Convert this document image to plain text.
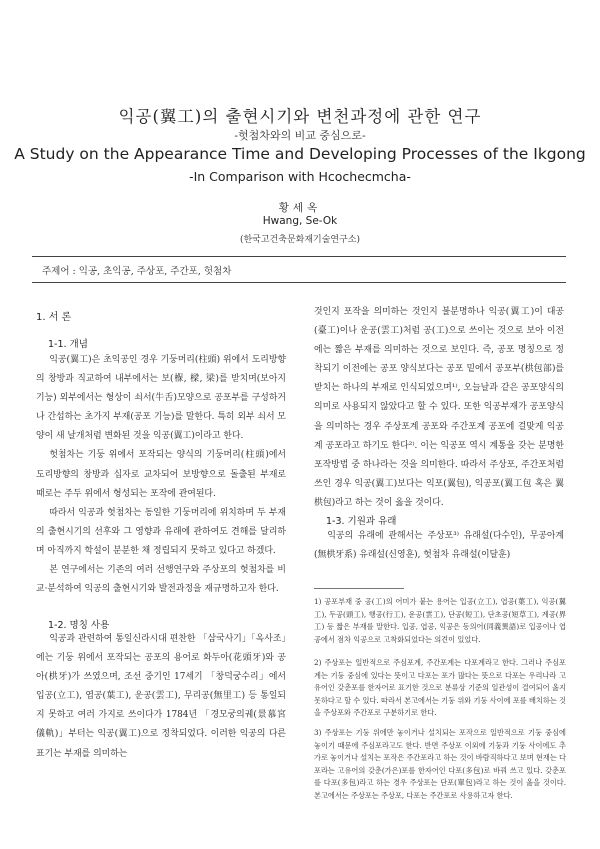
익공(翼工)의 출현시기와 변천과정에 관한 연구
-헛첨차와의 비교 중심으로-
A Study on the Appearance Time and Developing Processes of the Ikgong
-In Comparison with Hcochecmcha-
황세옥
Hwang, Se-Ok
(한국고건축문화재기술연구소)
주제어 : 익공, 초익공, 주상포, 주간포, 헛첨차
1. 서 론
1-1. 개념

익공(翼工)은 초익공인 경우 기둥머리(柱頭) 위에서 도리방향의 창방과 직교하여 내부에서는 보(椺, 樑, 梁)를 받치며(보아지 기능) 외부에서는 형상이 쇠서(牛舌)모양으로 공포부를 구성하거나 간섭하는 초가지 부재(공포 기능)를 말한다. 특히 외부 쇠서 모양이 새 날개처럼 변화된 것을 익공(翼工)이라고 한다.

헛첨차는 기둥 위에서 포작되는 양식의 기둥머리(柱頭)에서 도리방향의 창방과 십자로 교차되어 보방향으로 돌출된 부재로 때로는 주두 위에서 형성되는 포작에 관여된다.

따라서 익공과 헛첨차는 동일한 기둥머리에 위치하며 두 부재의 출현시기의 선후와 그 영향과 유래에 관하여도 견해를 달리하며 아직까지 학설이 분분한 채 정립되지 못하고 있다고 하겠다.

본 연구에서는 기존의 여러 선행연구와 주상포의 헛첨차를 비교·분석하여 익공의 출현시기와 발전과정을 재규명하고자 한다.

1-2. 명칭 사용

익공과 관련하여 통일신라시대 편찬한 「삼국사기」「옥사조」에는 기둥 위에서 포작되는 공포의 용어로 화두아(花頭牙)와 공아(栱牙)가 쓰였으며, 조선 중기인 17세기 「창덕궁수리」에서 입공(立工), 엽공(葉工), 운공(雲工), 무리공(無里工) 등 통일되지 못하고 여러 가지로 쓰이다가 1784년 「경모궁의궤(景慕宮儀軌)」부터는 익공(翼工)으로 정착되었다. 이러한 익공의 다른 표기는 부재를 의미하는

것인지 포작을 의미하는 것인지 불분명하나 익공(翼工)이 대공(臺工)이나 운공(雲工)처럼 공(工)으로 쓰이는 것으로 보아 이전에는 짧은 부재를 의미하는 것으로 보인다. 즉, 공포 명칭으로 정착되기 이전에는 공포 양식보다는 공포 밑에서 공포부(栱包部)를 받치는 하나의 부재로 인식되었으며¹⁾, 오늘날과 같은 공포양식의 의미로 사용되지 않았다고 할 수 있다. 또한 익공부재가 공포양식을 의미하는 경우 주상포계 공포와 주간포계 공포에 걸맞게 익공계 공포라고 하기도 한다²⁾. 이는 익공포 역시 계통을 갖는 분명한 포작방법 중 하나라는 것을 의미한다. 따라서 주상포, 주간포처럼 쓰인 경우 익공(翼工)보다는 익포(翼包), 익공포(翼工包 혹은 翼栱包)라고 하는 것이 옳을 것이다.

1-3. 기원과 유래

익공의 유래에 관해서는 주상포³⁾ 유래설(다수인), 무공아계(無栱牙系) 유래설(신영훈), 헛첨차 유래설(이달훈)

1) 공포부재 중 공(工)의 어미가 붙는 용어는 입공(立工), 엽공(葉工), 익공(翼工), 두공(頭工), 행공(行工), 운공(雲工), 단공(短工), 단초공(短草工), 계공(界工) 등 짧은 부재를 말한다. 입공, 엽공, 익공은 동의어(同義異語)로 입공이나 엽공에서 점차 익공으로 고착화되었다는 의견이 있었다.
2) 주상포는 일반적으로 주심포계, 주간포계는 다포계라고 한다. 그러나 주심포계는 기둥 중심에 있다는 뜻이고 다포는 포가 많다는 뜻으로 다포는 우리나라 고유어인 갖춘포를 한자어로 표기한 것으로 분류상 기준의 일관성이 결여되어 옳지 못하다고 할 수 있다. 따라서 본고에서는 기둥 위와 기둥 사이에 포를 배치하는 것을 주상포와 주간포로 구분하기로 한다.
3) 주상포는 기둥 위에만 놓이거나 설치되는 포작으로 일반적으로 기둥 중심에 놓이기 때문에 주심포라고도 한다. 반면 주상포 이외에 기둥과 기둥 사이에도 추가로 놓이거나 설치는 포작은 주간포라고 하는 것이 바람직하다고 보며 현재는 다포라는 고유어의 갖춘(가은)포를 한자어인 다포(多包)로 바꿔 쓰고 있다. 갖춘포를 다포(多包)라고 하는 경우 주상포는 단포(單包)라고 하는 것이 옳을 것이다. 본고에서는 주상포는 주상포, 다포는 주간포로 사용하고자 한다.
